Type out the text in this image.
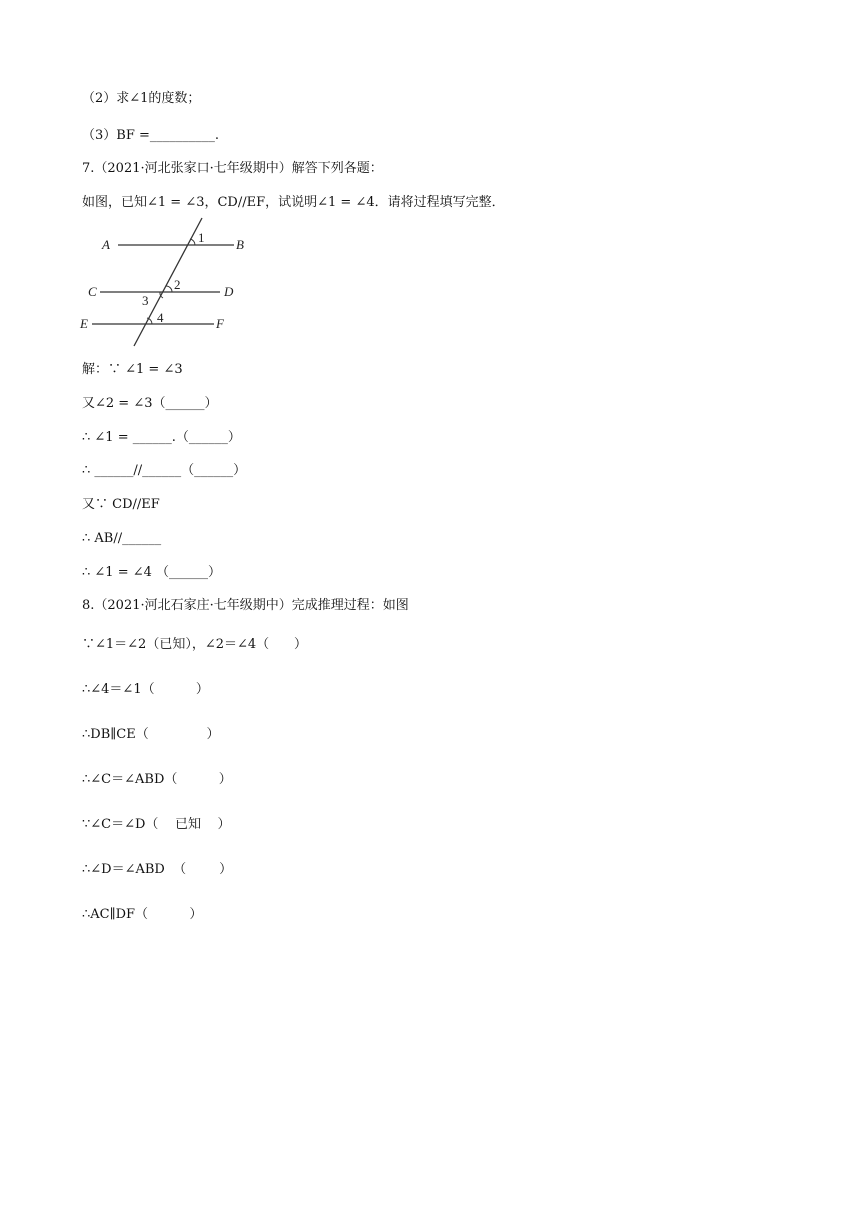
（2）求∠1的度数；
（3）BF =__________.
7.（2021·河北张家口·七年级期中）解答下列各题：
如图，已知∠1 = ∠3，CD//EF，试说明∠1 = ∠4．请将过程填写完整．
A	B
C	D
E	F
1
2
3
4
解：∵ ∠1 = ∠3
又∠2 = ∠3（______）
∴ ∠1 = ______.（______）
∴ ______//______（______）
又∵ CD//EF
∴ AB//______
∴ ∠1 = ∠4 （______）
8.（2021·河北石家庄·七年级期中）完成推理过程：如图
∵∠1＝∠2（已知），∠2＝∠4（      ）
∴∠4＝∠1（          ）
∴DB∥CE（              ）
∴∠C＝∠ABD（          ）
∵∠C＝∠D（    已知    ）
∴∠D＝∠ABD  （        ）
∴AC∥DF（          ）
